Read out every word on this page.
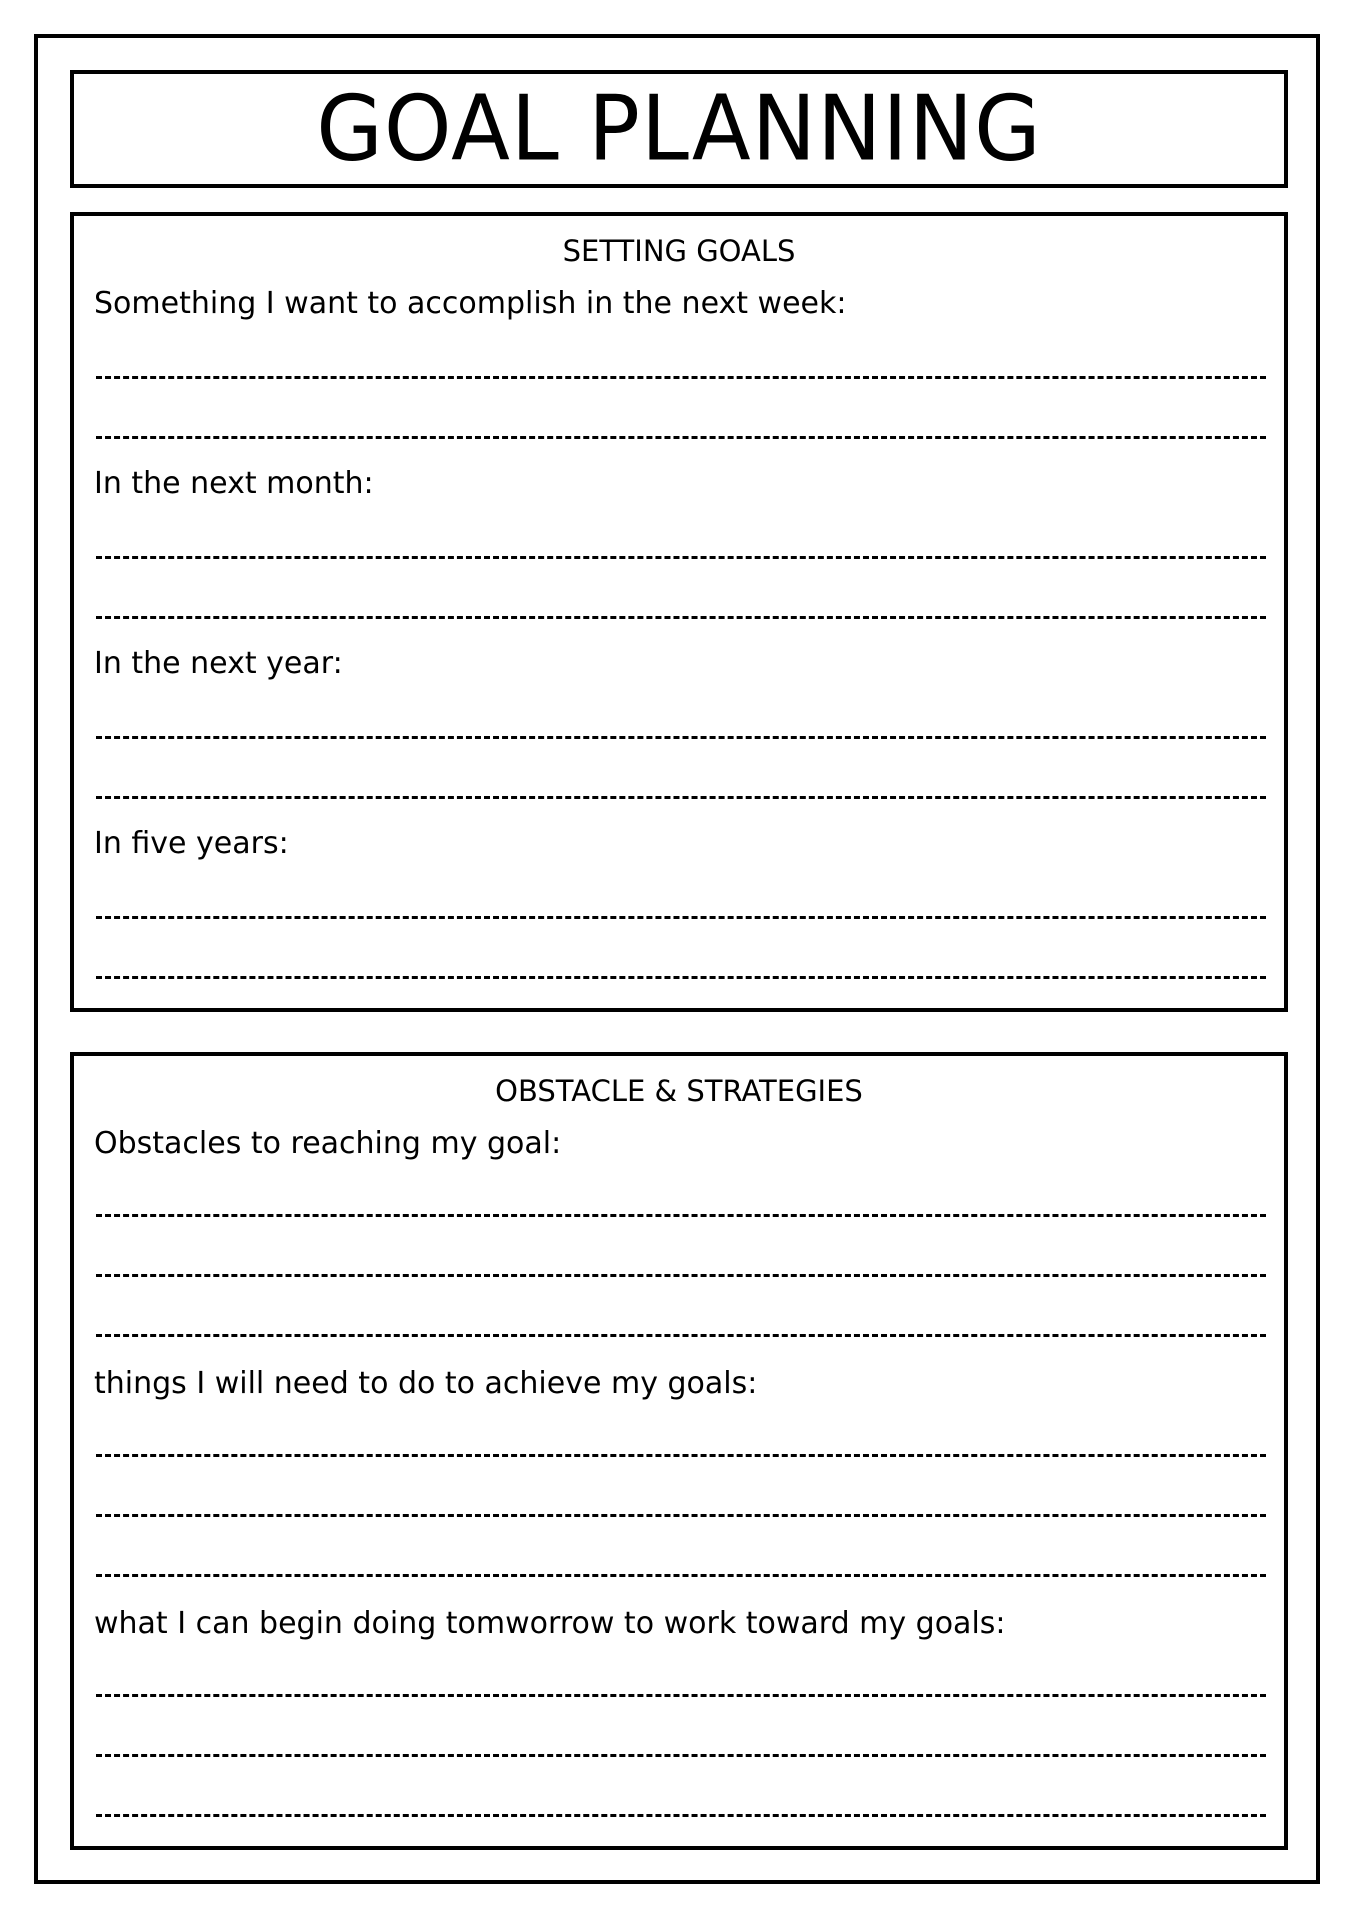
GOAL PLANNING
SETTING GOALS
Something I want to accomplish in the next week:
In the next month:
In the next year:
In five years:
OBSTACLE & STRATEGIES
Obstacles to reaching my goal:
things I will need to do to achieve my goals:
what I can begin doing tomworrow to work toward my goals:
